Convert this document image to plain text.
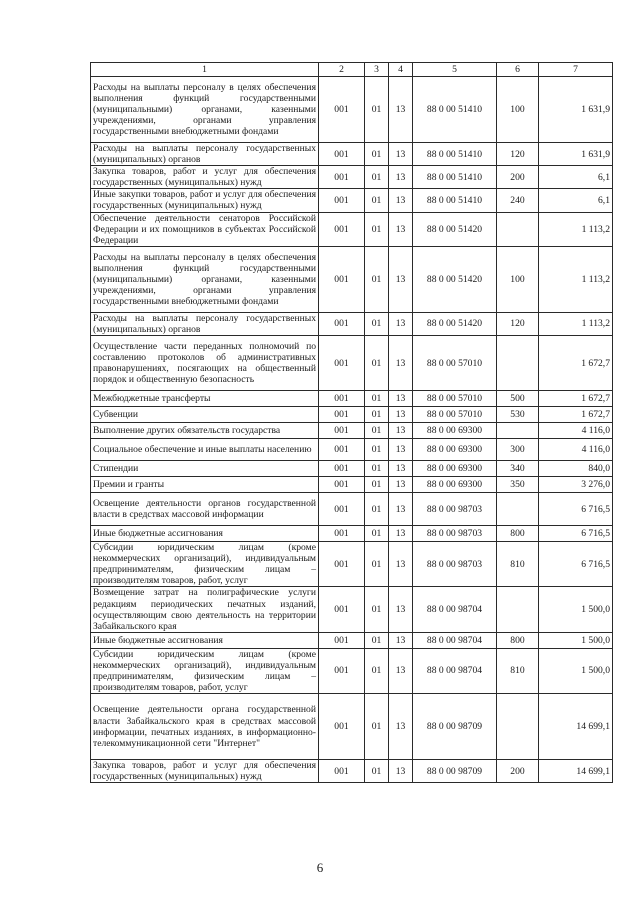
1	2	3	4	5	6	7
Расходы на выплаты персоналу в целях обеспечения выполнения функций государственными (муниципальными) органами, казенными учреждениями, органами управления государственными внебюджетными фондами	001	01	13	88 0 00 51410	100	1 631,9
Расходы на выплаты персоналу государственных (муниципальных) органов	001	01	13	88 0 00 51410	120	1 631,9
Закупка товаров, работ и услуг для обеспечения государственных (муниципальных) нужд	001	01	13	88 0 00 51410	200	6,1
Иные закупки товаров, работ и услуг для обеспечения государственных (муниципальных) нужд	001	01	13	88 0 00 51410	240	6,1
Обеспечение деятельности сенаторов Российской Федерации и их помощников в субъектах Российской Федерации	001	01	13	88 0 00 51420		1 113,2
Расходы на выплаты персоналу в целях обеспечения выполнения функций государственными (муниципальными) органами, казенными учреждениями, органами управления государственными внебюджетными фондами	001	01	13	88 0 00 51420	100	1 113,2
Расходы на выплаты персоналу государственных (муниципальных) органов	001	01	13	88 0 00 51420	120	1 113,2
Осуществление части переданных полномочий по составлению протоколов об административных правонарушениях, посягающих на общественный порядок и общественную безопасность	001	01	13	88 0 00 57010		1 672,7
Межбюджетные трансферты	001	01	13	88 0 00 57010	500	1 672,7
Субвенции	001	01	13	88 0 00 57010	530	1 672,7
Выполнение других обязательств государства	001	01	13	88 0 00 69300		4 116,0
Социальное обеспечение и иные выплаты населению	001	01	13	88 0 00 69300	300	4 116,0
Стипендии	001	01	13	88 0 00 69300	340	840,0
Премии и гранты	001	01	13	88 0 00 69300	350	3 276,0
Освещение деятельности органов государственной власти в средствах массовой информации	001	01	13	88 0 00 98703		6 716,5
Иные бюджетные ассигнования	001	01	13	88 0 00 98703	800	6 716,5
Субсидии юридическим лицам (кроме некоммерческих организаций), индивидуальным предпринимателям, физическим лицам – производителям товаров, работ, услуг	001	01	13	88 0 00 98703	810	6 716,5
Возмещение затрат на полиграфические услуги редакциям периодических печатных изданий, осуществляющим свою деятельность на территории Забайкальского края	001	01	13	88 0 00 98704		1 500,0
Иные бюджетные ассигнования	001	01	13	88 0 00 98704	800	1 500,0
Субсидии юридическим лицам (кроме некоммерческих организаций), индивидуальным предпринимателям, физическим лицам – производителям товаров, работ, услуг	001	01	13	88 0 00 98704	810	1 500,0
Освещение деятельности органа государственной власти Забайкальского края в средствах массовой информации, печатных изданиях, в информационно-телекоммуникационной сети "Интернет"	001	01	13	88 0 00 98709		14 699,1
Закупка товаров, работ и услуг для обеспечения государственных (муниципальных) нужд	001	01	13	88 0 00 98709	200	14 699,1
6
